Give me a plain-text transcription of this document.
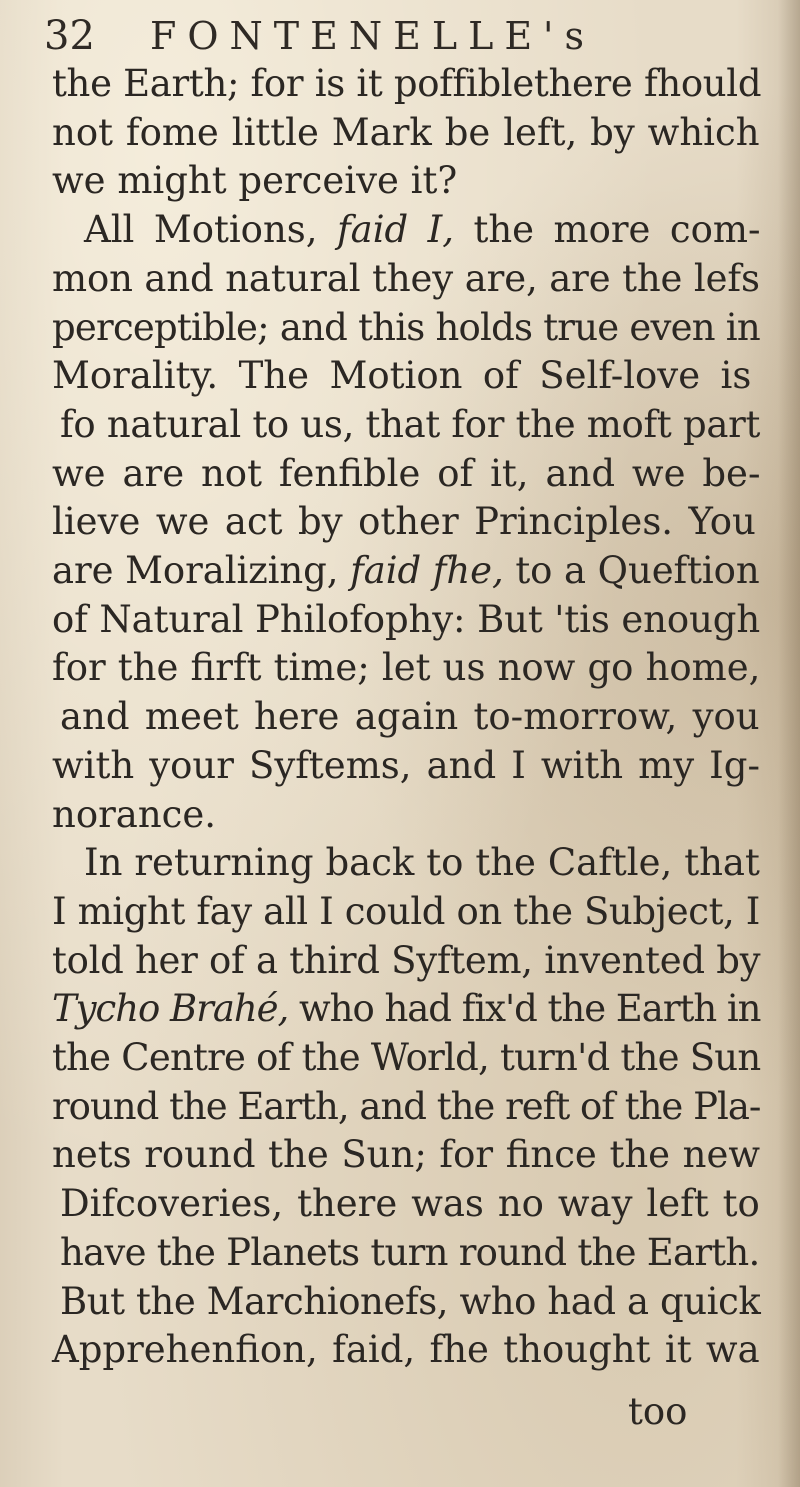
32 FONTENELLE's
the Earth; for is it poffiblethere fhould
not fome little Mark be left, by which
we might perceive it?
All Motions, faid I, the more com-
mon and natural they are, are the lefs
perceptible; and this holds true even in
Morality. The Motion of Self-love is
fo natural to us, that for the moft part
we are not fenfible of it, and we be-
lieve we act by other Principles. You
are Moralizing, faid fhe, to a Queftion
of Natural Philofophy: But 'tis enough
for the firft time; let us now go home,
and meet here again to-morrow, you
with your Syftems, and I with my Ig-
norance.
In returning back to the Caftle, that
I might fay all I could on the Subject, I
told her of a third Syftem, invented by
Tycho Brahé, who had fix'd the Earth in
the Centre of the World, turn'd the Sun
round the Earth, and the reft of the Pla-
nets round the Sun; for fince the new
Difcoveries, there was no way left to
have the Planets turn round the Earth.
But the Marchionefs, who had a quick
Apprehenfion, faid, fhe thought it wa
too
